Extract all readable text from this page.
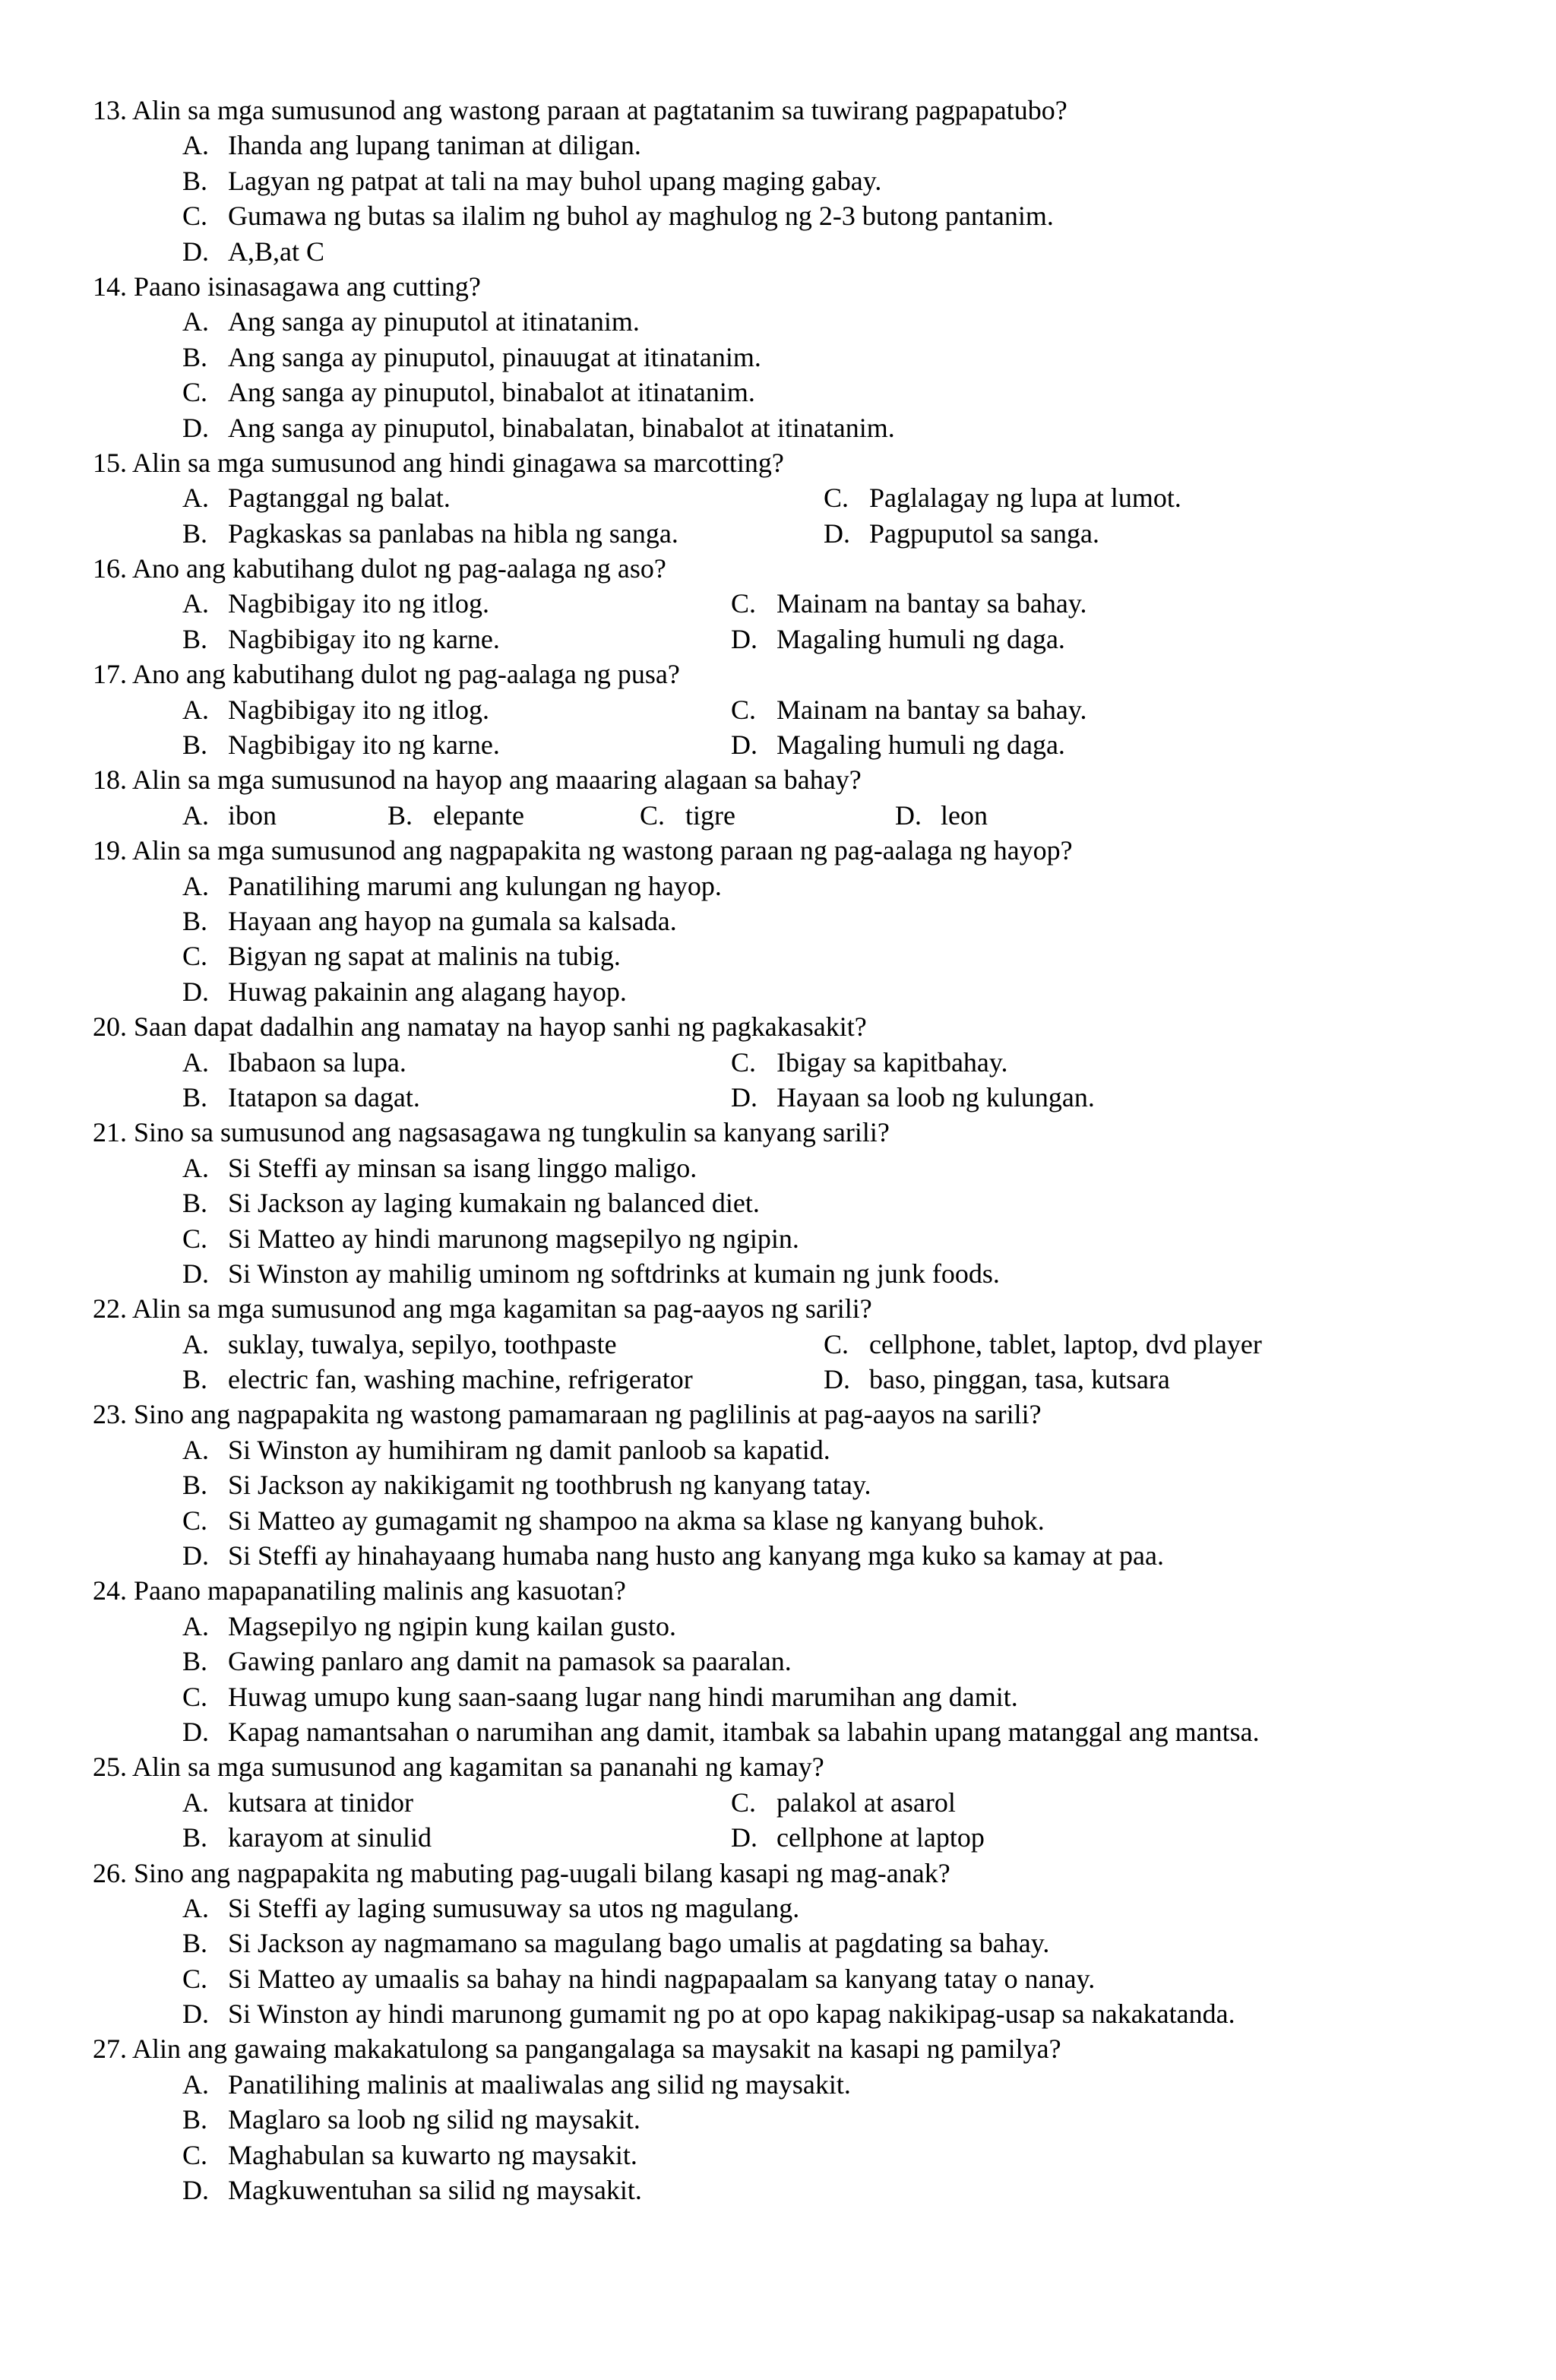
13. Alin sa mga sumusunod ang wastong paraan at pagtatanim sa tuwirang pagpapatubo?
A. Ihanda ang lupang taniman at diligan.
B. Lagyan ng patpat at tali na may buhol upang maging gabay.
C. Gumawa ng butas sa ilalim ng buhol ay maghulog ng 2-3 butong pantanim.
D. A,B,at C
14. Paano isinasagawa ang cutting?
A. Ang sanga ay pinuputol at itinatanim.
B. Ang sanga ay pinuputol, pinauugat at itinatanim.
C. Ang sanga ay pinuputol, binabalot at itinatanim.
D. Ang sanga ay pinuputol, binabalatan, binabalot at itinatanim.
15. Alin sa mga sumusunod ang hindi ginagawa sa marcotting?
A. Pagtanggal ng balat.	C. Paglalagay ng lupa at lumot.
B. Pagkaskas sa panlabas na hibla ng sanga.	D. Pagpuputol sa sanga.
16. Ano ang kabutihang dulot ng pag-aalaga ng aso?
A. Nagbibigay ito ng itlog.	C. Mainam na bantay sa bahay.
B. Nagbibigay ito ng karne.	D. Magaling humuli ng daga.
17. Ano ang kabutihang dulot ng pag-aalaga ng pusa?
A. Nagbibigay ito ng itlog.	C. Mainam na bantay sa bahay.
B. Nagbibigay ito ng karne.	D. Magaling humuli ng daga.
18. Alin sa mga sumusunod na hayop ang maaaring alagaan sa bahay?
A. ibon	B. elepante	C. tigre	D. leon
19. Alin sa mga sumusunod ang nagpapakita ng wastong paraan ng pag-aalaga ng hayop?
A. Panatilihing marumi ang kulungan ng hayop.
B. Hayaan ang hayop na gumala sa kalsada.
C. Bigyan ng sapat at malinis na tubig.
D. Huwag pakainin ang alagang hayop.
20. Saan dapat dadalhin ang namatay na hayop sanhi ng pagkakasakit?
A. Ibabaon sa lupa.	C. Ibigay sa kapitbahay.
B. Itatapon sa dagat.	D. Hayaan sa loob ng kulungan.
21. Sino sa sumusunod ang nagsasagawa ng tungkulin sa kanyang sarili?
A. Si Steffi ay minsan sa isang linggo maligo.
B. Si Jackson ay laging kumakain ng balanced diet.
C. Si Matteo ay hindi marunong magsepilyo ng ngipin.
D. Si Winston ay mahilig uminom ng softdrinks at kumain ng junk foods.
22. Alin sa mga sumusunod ang mga kagamitan sa pag-aayos ng sarili?
A. suklay, tuwalya, sepilyo, toothpaste	C. cellphone, tablet, laptop, dvd player
B. electric fan, washing machine, refrigerator	D. baso, pinggan, tasa, kutsara
23. Sino ang nagpapakita ng wastong pamamaraan ng paglilinis at pag-aayos na sarili?
A. Si Winston ay humihiram ng damit panloob sa kapatid.
B. Si Jackson ay nakikigamit ng toothbrush ng kanyang tatay.
C. Si Matteo ay gumagamit ng shampoo na akma sa klase ng kanyang buhok.
D. Si Steffi ay hinahayaang humaba nang husto ang kanyang mga kuko sa kamay at paa.
24. Paano mapapanatiling malinis ang kasuotan?
A. Magsepilyo ng ngipin kung kailan gusto.
B. Gawing panlaro ang damit na pamasok sa paaralan.
C. Huwag umupo kung saan-saang lugar nang hindi marumihan ang damit.
D. Kapag namantsahan o narumihan ang damit, itambak sa labahin upang matanggal ang mantsa.
25. Alin sa mga sumusunod ang kagamitan sa pananahi ng kamay?
A. kutsara at tinidor	C. palakol at asarol
B. karayom at sinulid	D. cellphone at laptop
26. Sino ang nagpapakita ng mabuting pag-uugali bilang kasapi ng mag-anak?
A. Si Steffi ay laging sumusuway sa utos ng magulang.
B. Si Jackson ay nagmamano sa magulang bago umalis at pagdating sa bahay.
C. Si Matteo ay umaalis sa bahay na hindi nagpapaalam sa kanyang tatay o nanay.
D. Si Winston ay hindi marunong gumamit ng po at opo kapag nakikipag-usap sa nakakatanda.
27. Alin ang gawaing makakatulong sa pangangalaga sa maysakit na kasapi ng pamilya?
A. Panatilihing malinis at maaliwalas ang silid ng maysakit.
B. Maglaro sa loob ng silid ng maysakit.
C. Maghabulan sa kuwarto ng maysakit.
D. Magkuwentuhan sa silid ng maysakit.
